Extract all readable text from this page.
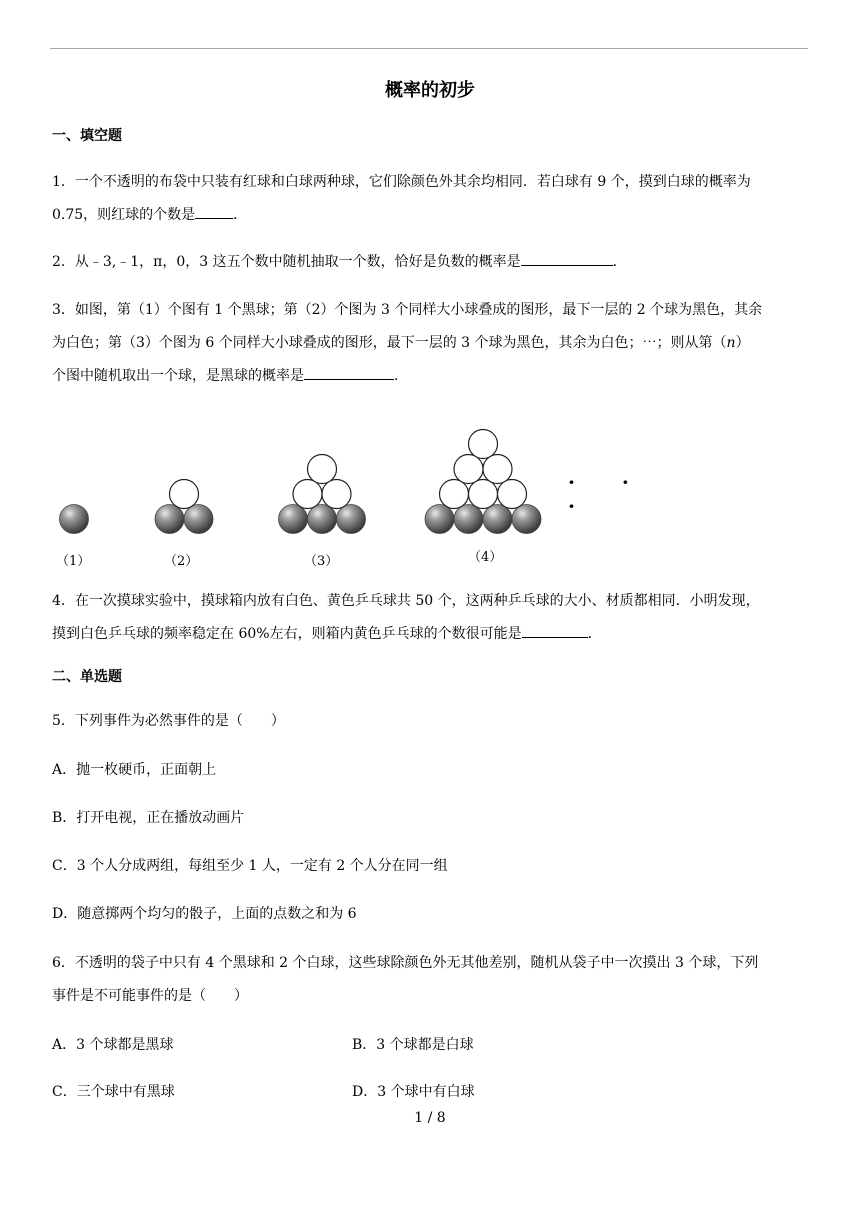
概率的初步
一、填空题
1．一个不透明的布袋中只装有红球和白球两种球，它们除颜色外其余均相同．若白球有 9 个，摸到白球的概率为
0.75，则红球的个数是	．
2．从﹣3,﹣1，π，0，3 这五个数中随机抽取一个数，恰好是负数的概率是	.
3．如图，第（1）个图有 1 个黑球；第（2）个图为 3 个同样大小球叠成的图形，最下一层的 2 个球为黑色，其余
为白色；第（3）个图为 6 个同样大小球叠成的图形，最下一层的 3 个球为黑色，其余为白色；⋯；则从第（n）
个图中随机取出一个球，是黑球的概率是	.
（1）	（2）	（3）	（4）
· · ·
4．在一次摸球实验中，摸球箱内放有白色、黄色乒乓球共 50 个，这两种乒乓球的大小、材质都相同．小明发现，
摸到白色乒乓球的频率稳定在 60%左右，则箱内黄色乒乓球的个数很可能是	．
二、单选题
5．下列事件为必然事件的是（　　）
A．抛一枚硬币，正面朝上
B．打开电视，正在播放动画片
C．3 个人分成两组，每组至少 1 人，一定有 2 个人分在同一组
D．随意掷两个均匀的骰子，上面的点数之和为 6
6．不透明的袋子中只有 4 个黑球和 2 个白球，这些球除颜色外无其他差别，随机从袋子中一次摸出 3 个球，下列
事件是不可能事件的是（　　）
A．3 个球都是黑球	B．3 个球都是白球
C．三个球中有黑球	D．3 个球中有白球
1 / 8
